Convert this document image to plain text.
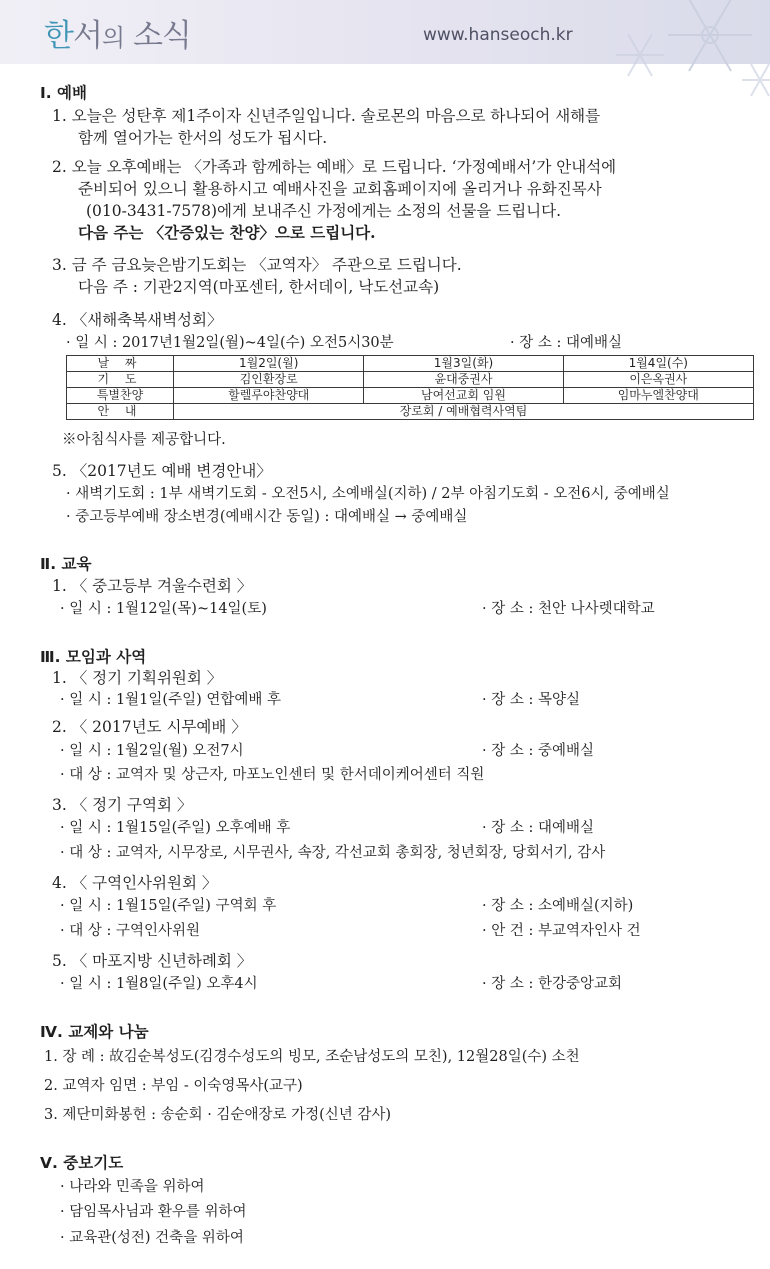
한서의 소식	www.hanseoch.kr
Ⅰ. 예배
1. 오늘은 성탄후 제1주이자 신년주일입니다. 솔로몬의 마음으로 하나되어 새해를
함께 열어가는 한서의 성도가 됩시다.
2. 오늘 오후예배는 〈가족과 함께하는 예배〉로 드립니다. ‘가정예배서’가 안내석에
준비되어 있으니 활용하시고 예배사진을 교회홈페이지에 올리거나 유화진목사
(010-3431-7578)에게 보내주신 가정에게는 소정의 선물을 드립니다.
다음 주는 〈간증있는 찬양〉으로 드립니다.
3. 금 주 금요늦은밤기도회는 〈교역자〉 주관으로 드립니다.
다음 주 : 기관2지역(마포센터, 한서데이, 낙도선교속)
4. 〈새해축복새벽성회〉
· 일 시 : 2017년1월2일(월)~4일(수) 오전5시30분	· 장 소 : 대예배실
날 짜	1월2일(월)	1월3일(화)	1월4일(수)
기 도	김인환장로	윤대중권사	이은옥권사
특별찬양	할렐루야찬양대	남여선교회 임원	임마누엘찬양대
안 내	장로회 / 예배협력사역팀		
※아침식사를 제공합니다.
5. 〈2017년도 예배 변경안내〉
· 새벽기도회 : 1부 새벽기도회 - 오전5시, 소예배실(지하) / 2부 아침기도회 - 오전6시, 중예배실
· 중고등부예배 장소변경(예배시간 동일) : 대예배실 → 중예배실
Ⅱ. 교육
1. 〈 중고등부 겨울수련회 〉
· 일 시 : 1월12일(목)~14일(토)	· 장 소 : 천안 나사렛대학교
Ⅲ. 모임과 사역
1. 〈 정기 기획위원회 〉
· 일 시 : 1월1일(주일) 연합예배 후	· 장 소 : 목양실
2. 〈 2017년도 시무예배 〉
· 일 시 : 1월2일(월) 오전7시	· 장 소 : 중예배실
· 대 상 : 교역자 및 상근자, 마포노인센터 및 한서데이케어센터 직원
3. 〈 정기 구역회 〉
· 일 시 : 1월15일(주일) 오후예배 후	· 장 소 : 대예배실
· 대 상 : 교역자, 시무장로, 시무권사, 속장, 각선교회 총회장, 청년회장, 당회서기, 감사
4. 〈 구역인사위원회 〉
· 일 시 : 1월15일(주일) 구역회 후	· 장 소 : 소예배실(지하)
· 대 상 : 구역인사위원	· 안 건 : 부교역자인사 건
5. 〈 마포지방 신년하례회 〉
· 일 시 : 1월8일(주일) 오후4시	· 장 소 : 한강중앙교회
Ⅳ. 교제와 나눔
1. 장 례 : 故김순복성도(김경수성도의 빙모, 조순남성도의 모친), 12월28일(수) 소천
2. 교역자 임면 : 부임 - 이숙영목사(교구)
3. 제단미화봉헌 : 송순회 · 김순애장로 가정(신년 감사)
Ⅴ. 중보기도
· 나라와 민족을 위하여
· 담임목사님과 환우를 위하여
· 교육관(성전) 건축을 위하여
